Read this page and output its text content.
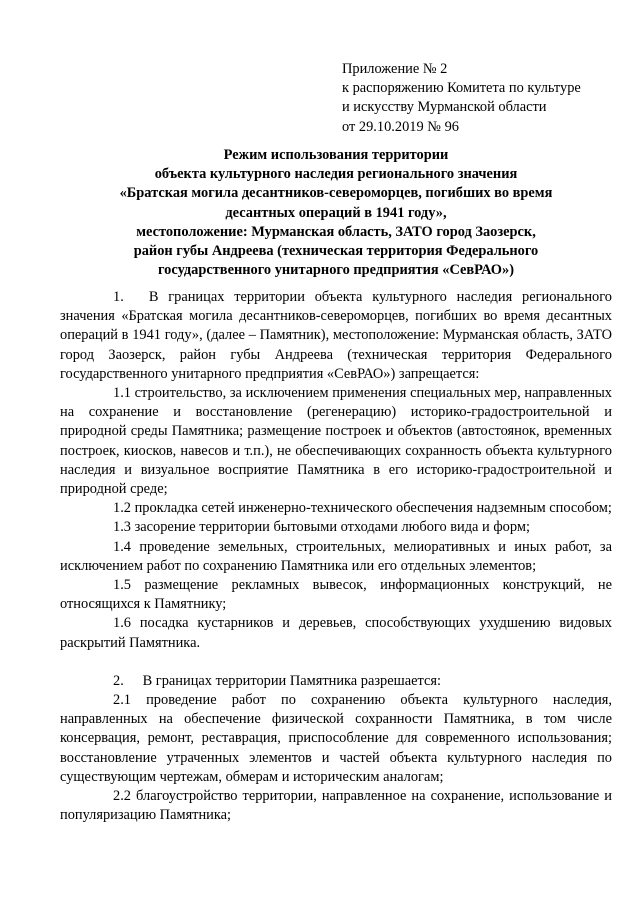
Приложение № 2
к распоряжению Комитета по культуре
и искусству Мурманской области
от 29.10.2019 № 96
Режим использования территории
объекта культурного наследия регионального значения
«Братская могила десантников-североморцев, погибших во время
десантных операций в 1941 году»,
местоположение: Мурманская область, ЗАТО город Заозерск,
район губы Андреева (техническая территория Федерального
государственного унитарного предприятия «СевРАО»)

1. В границах территории объекта культурного наследия регионального значения «Братская могила десантников-североморцев, погибших во время десантных операций в 1941 году», (далее – Памятник), местоположение: Мурманская область, ЗАТО город Заозерск, район губы Андреева (техническая территория Федерального государственного унитарного предприятия «СевРАО») запрещается:

1.1 строительство, за исключением применения специальных мер, направленных на сохранение и восстановление (регенерацию) историко-градостроительной и природной среды Памятника; размещение построек и объектов (автостоянок, временных построек, киосков, навесов и т.п.), не обеспечивающих сохранность объекта культурного наследия и визуальное восприятие Памятника в его историко-градостроительной и природной среде;

1.2 прокладка сетей инженерно-технического обеспечения надземным способом;

1.3 засорение территории бытовыми отходами любого вида и форм;

1.4 проведение земельных, строительных, мелиоративных и иных работ, за исключением работ по сохранению Памятника или его отдельных элементов;

1.5 размещение рекламных вывесок, информационных конструкций, не относящихся к Памятнику;

1.6 посадка кустарников и деревьев, способствующих ухудшению видовых раскрытий Памятника.

2. В границах территории Памятника разрешается:

2.1 проведение работ по сохранению объекта культурного наследия, направленных на обеспечение физической сохранности Памятника, в том числе консервация, ремонт, реставрация, приспособление для современного использования; восстановление утраченных элементов и частей объекта культурного наследия по существующим чертежам, обмерам и историческим аналогам;

2.2 благоустройство территории, направленное на сохранение, использование и популяризацию Памятника;
